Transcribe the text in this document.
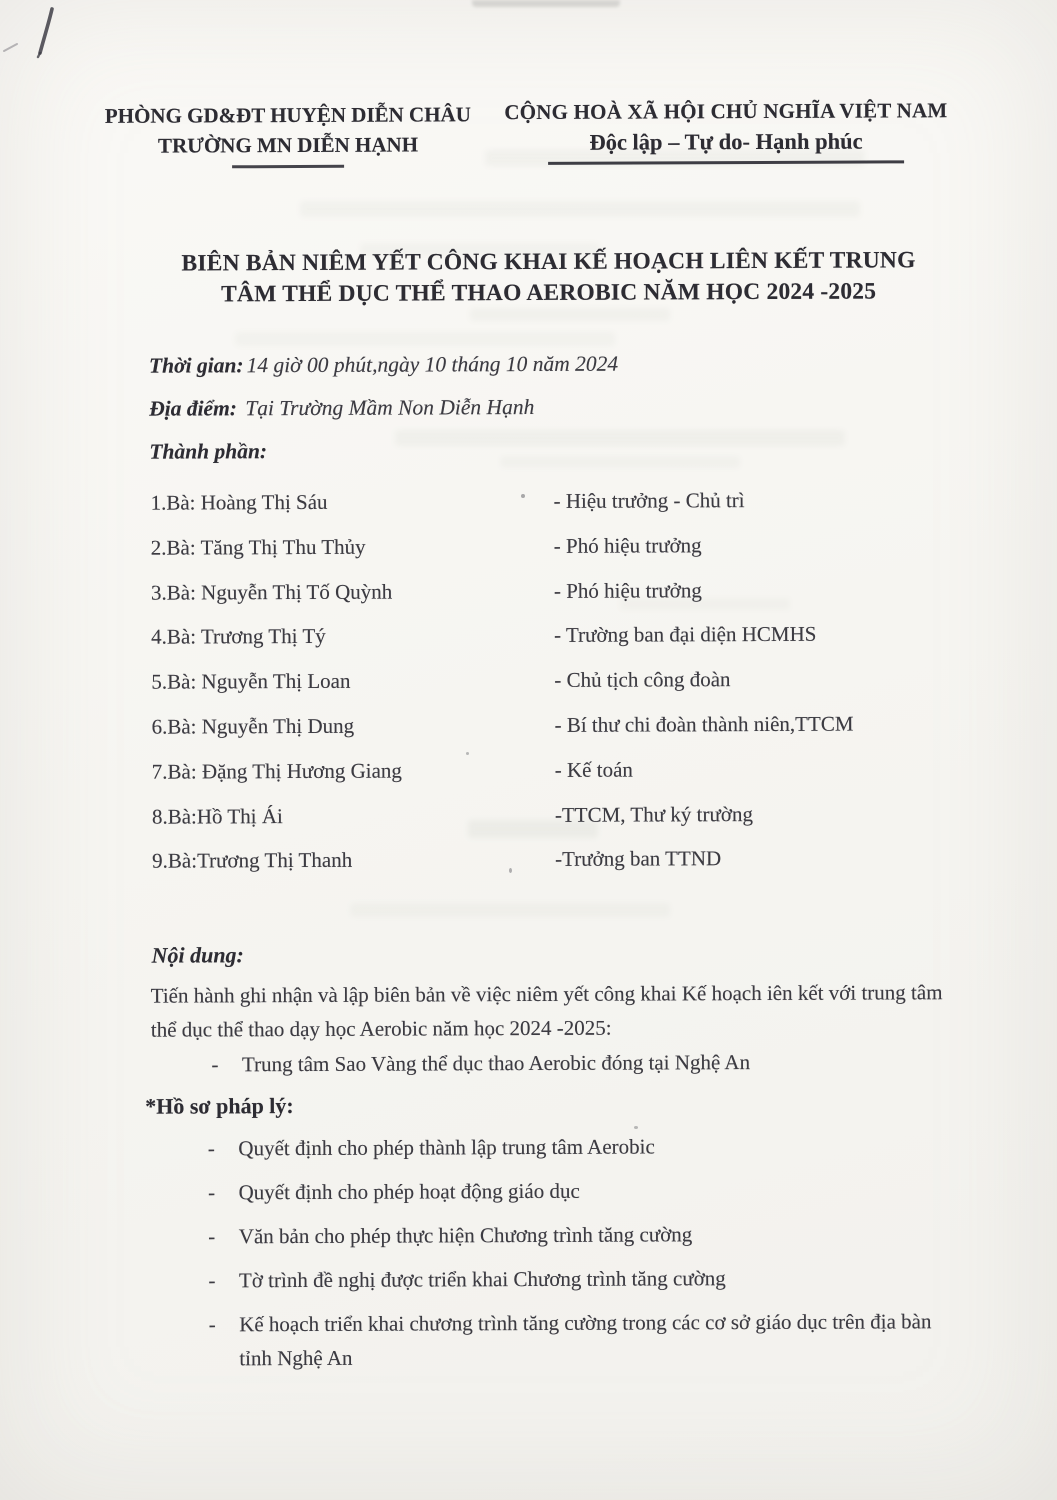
PHÒNG GD&ĐT HUYỆN DIỄN CHÂU
TRƯỜNG MN DIỄN HẠNH
CỘNG HOÀ XÃ HỘI CHỦ NGHĨA VIỆT NAM
Độc lập – Tự do- Hạnh phúc
BIÊN BẢN NIÊM YẾT CÔNG KHAI KẾ HOẠCH LIÊN KẾT TRUNG
TÂM THỂ DỤC THỂ THAO AEROBIC NĂM HỌC 2024 -2025
Thời gian: 14 giờ 00 phút,ngày 10 tháng 10 năm 2024
Địa điểm: Tại Trường Mầm Non Diễn Hạnh
Thành phần:
1.Bà: Hoàng Thị Sáu	- Hiệu trưởng - Chủ trì
2.Bà: Tăng Thị Thu Thủy	- Phó hiệu trưởng
3.Bà: Nguyễn Thị Tố Quỳnh	- Phó hiệu trưởng
4.Bà: Trương Thị Tý	- Trường ban đại diện HCMHS
5.Bà: Nguyễn Thị Loan	- Chủ tịch công đoàn
6.Bà: Nguyễn Thị Dung	- Bí thư chi đoàn thành niên,TTCM
7.Bà: Đặng Thị Hương Giang	- Kế toán
8.Bà:Hồ Thị Ái	-TTCM, Thư ký trường
9.Bà:Trương Thị Thanh	-Trưởng ban TTND
Nội dung:
Tiến hành ghi nhận và lập biên bản về việc niêm yết công khai Kế hoạch iên kết với trung tâm thể dục thể thao dạy học Aerobic năm học 2024 -2025:
-	Trung tâm Sao Vàng thể dục thao Aerobic đóng tại Nghệ An
*Hồ sơ pháp lý:
-	Quyết định cho phép thành lập trung tâm Aerobic
-	Quyết định cho phép hoạt động giáo dục
-	Văn bản cho phép thực hiện Chương trình tăng cường
-	Tờ trình đề nghị được triển khai Chương trình tăng cường
-	Kế hoạch triển khai chương trình tăng cường trong các cơ sở giáo dục trên địa bàn tỉnh Nghệ An
